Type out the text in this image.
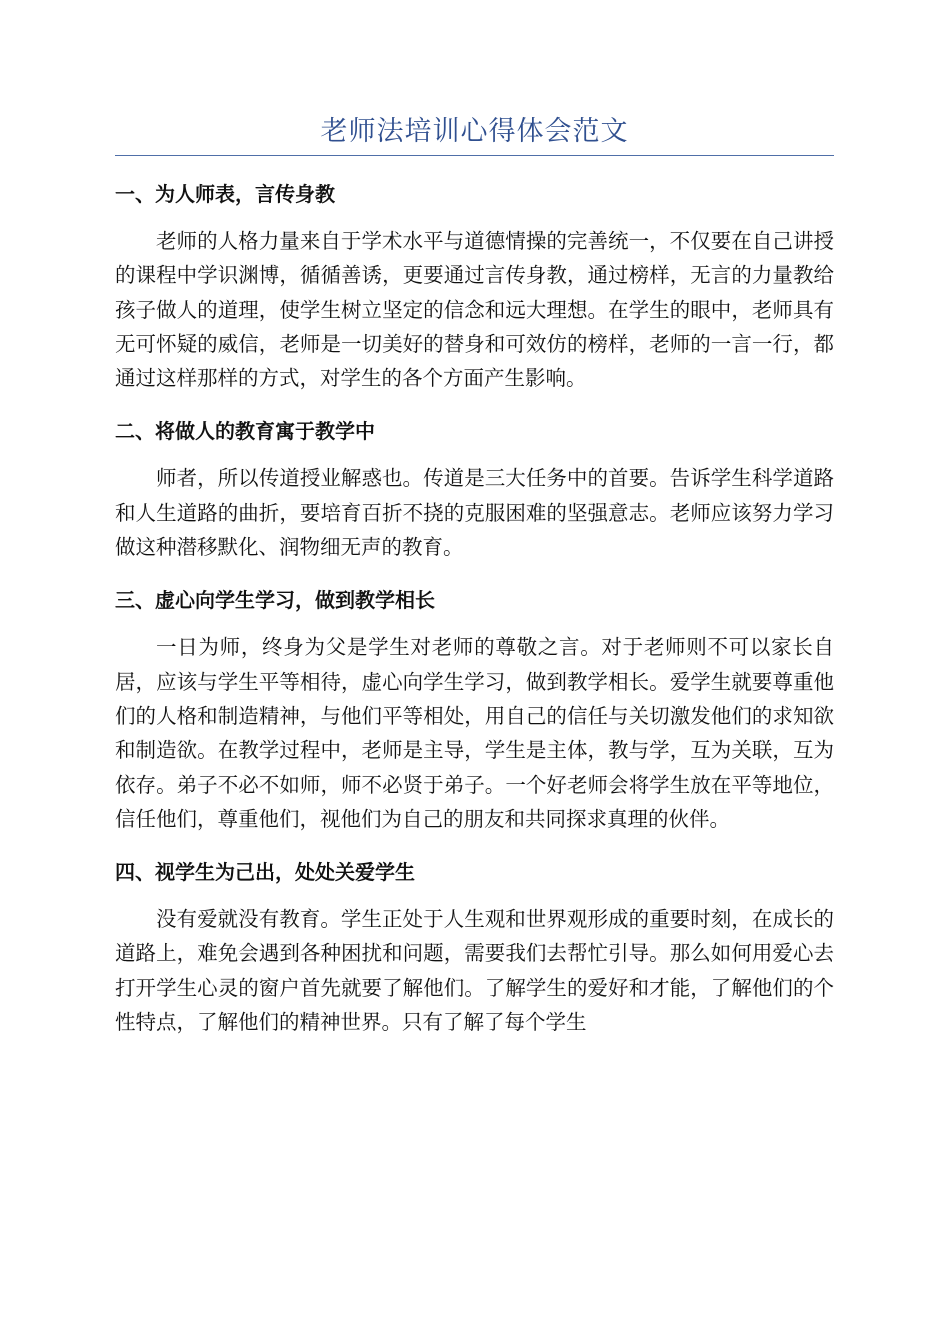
老师法培训心得体会范文
一、为人师表，言传身教

老师的人格力量来自于学术水平与道德情操的完善统一，不仅要在自己讲授的课程中学识渊博，循循善诱，更要通过言传身教，通过榜样，无言的力量教给孩子做人的道理，使学生树立坚定的信念和远大理想。在学生的眼中，老师具有无可怀疑的威信，老师是一切美好的替身和可效仿的榜样，老师的一言一行，都通过这样那样的方式，对学生的各个方面产生影响。

二、将做人的教育寓于教学中

师者，所以传道授业解惑也。传道是三大任务中的首要。告诉学生科学道路和人生道路的曲折，要培育百折不挠的克服困难的坚强意志。老师应该努力学习做这种潜移默化、润物细无声的教育。

三、虚心向学生学习，做到教学相长

一日为师，终身为父是学生对老师的尊敬之言。对于老师则不可以家长自居，应该与学生平等相待，虚心向学生学习，做到教学相长。爱学生就要尊重他们的人格和制造精神，与他们平等相处，用自己的信任与关切激发他们的求知欲和制造欲。在教学过程中，老师是主导，学生是主体，教与学，互为关联，互为依存。弟子不必不如师，师不必贤于弟子。一个好老师会将学生放在平等地位，信任他们，尊重他们，视他们为自己的朋友和共同探求真理的伙伴。

四、视学生为己出，处处关爱学生

没有爱就没有教育。学生正处于人生观和世界观形成的重要时刻，在成长的道路上，难免会遇到各种困扰和问题，需要我们去帮忙引导。那么如何用爱心去打开学生心灵的窗户首先就要了解他们。了解学生的爱好和才能，了解他们的个性特点，了解他们的精神世界。只有了解了每个学生
